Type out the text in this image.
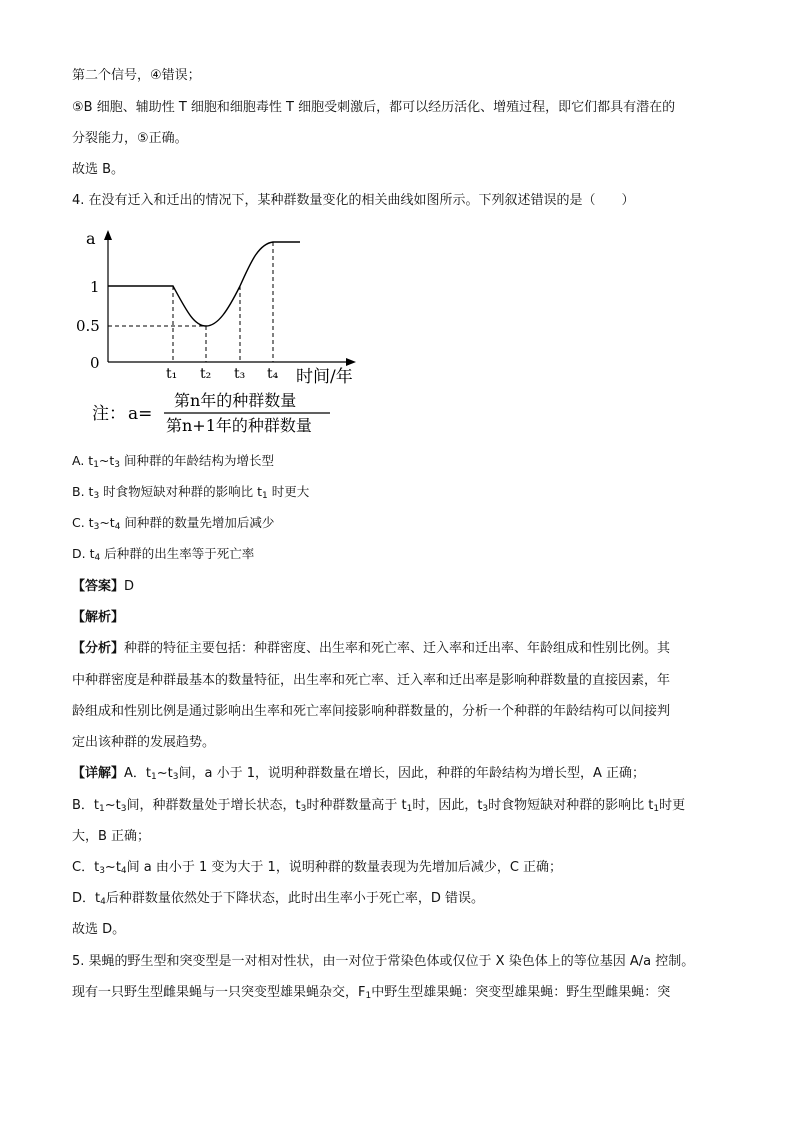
第二个信号，④错误；
⑤B 细胞、辅助性 T 细胞和细胞毒性 T 细胞受刺激后，都可以经历活化、增殖过程，即它们都具有潜在的
分裂能力，⑤正确。
故选 B。
4. 在没有迁入和迁出的情况下，某种群数量变化的相关曲线如图所示。下列叙述错误的是（　　）
a
1
0.5
0
t₁ t₂ t₃ t₄ 时间/年
注： a=
第n年的种群数量
第n+1年的种群数量
A. $t_1\sim t_3$ 间种群的年龄结构为增长型
B. $t_3$ 时食物短缺对种群的影响比 $t_1$ 时更大
C. $t_3\sim t_4$ 间种群的数量先增加后减少
D. $t_4$ 后种群的出生率等于死亡率
【答案】D
【解析】
【分析】种群的特征主要包括：种群密度、出生率和死亡率、迁入率和迁出率、年龄组成和性别比例。其
中种群密度是种群最基本的数量特征，出生率和死亡率、迁入率和迁出率是影响种群数量的直接因素，年
龄组成和性别比例是通过影响出生率和死亡率间接影响种群数量的，分析一个种群的年龄结构可以间接判
定出该种群的发展趋势。
【详解】A．$t_1\sim t_3$间，a 小于 1，说明种群数量在增长，因此，种群的年龄结构为增长型，A 正确；
B．$t_1\sim t_3$间，种群数量处于增长状态，$t_3$时种群数量高于 $t_1$时，因此，$t_3$时食物短缺对种群的影响比 $t_1$时更
大，B 正确；
C．$t_3\sim t_4$间 a 由小于 1 变为大于 1，说明种群的数量表现为先增加后减少，C 正确；
D．$t_4$后种群数量依然处于下降状态，此时出生率小于死亡率，D 错误。
故选 D。
5. 果蝇的野生型和突变型是一对相对性状，由一对位于常染色体或仅位于 X 染色体上的等位基因 A/a 控制。
现有一只野生型雌果蝇与一只突变型雄果蝇杂交，$F_1$中野生型雄果蝇：突变型雄果蝇：野生型雌果蝇：突
